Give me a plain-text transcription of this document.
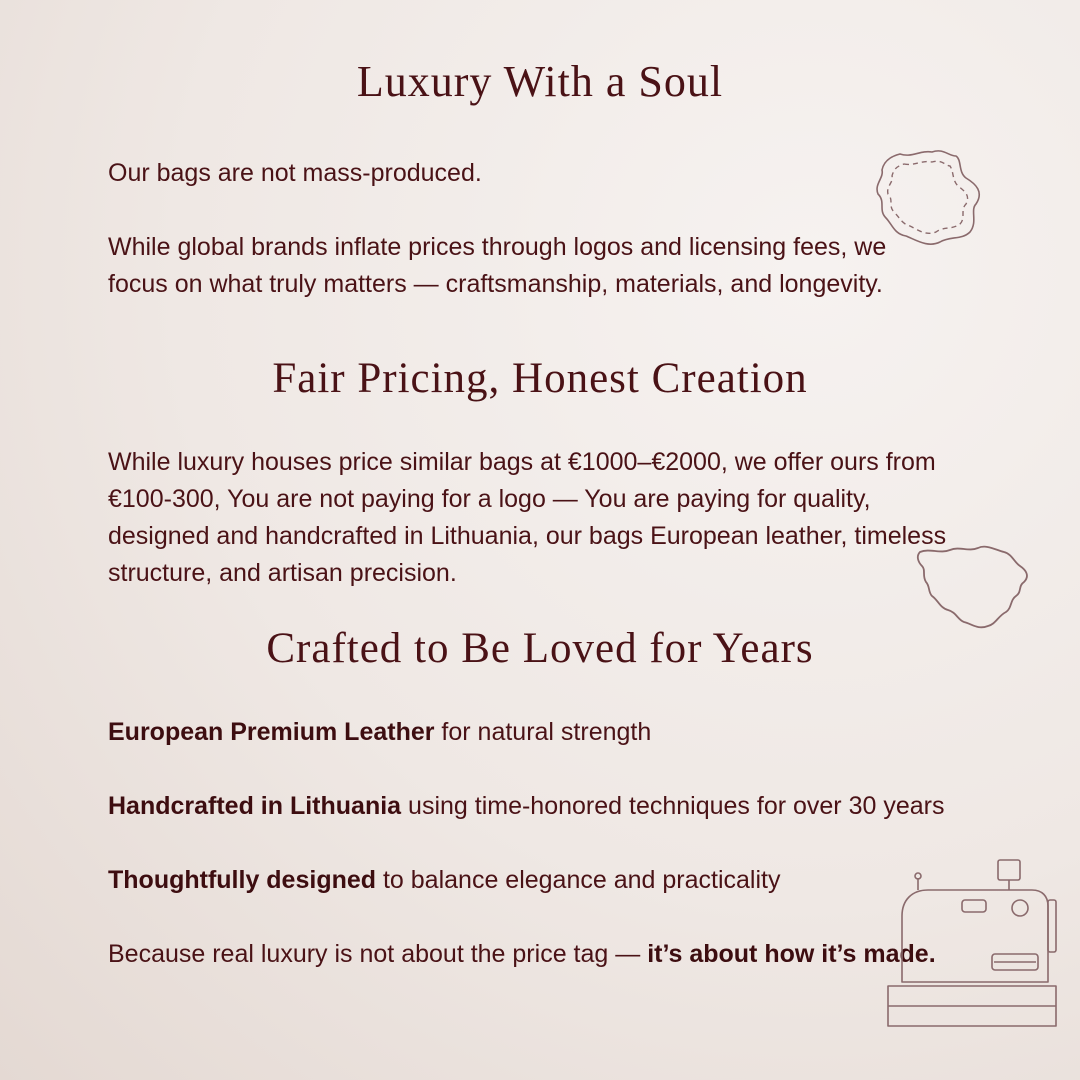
Luxury With a Soul

Our bags are not mass-produced.

While global brands inflate prices through logos and licensing fees, we focus on what truly matters — craftsmanship, materials, and longevity.

Fair Pricing, Honest Creation

While luxury houses price similar bags at €1000–€2000, we offer ours from €100-300, You are not paying for a logo — You are paying for quality, designed and handcrafted in Lithuania, our bags European leather, timeless structure, and artisan precision.

Crafted to Be Loved for Years

European Premium Leather for natural strength

Handcrafted in Lithuania using time-honored techniques for over 30 years

Thoughtfully designed to balance elegance and practicality

Because real luxury is not about the price tag — it’s about how it’s made.
